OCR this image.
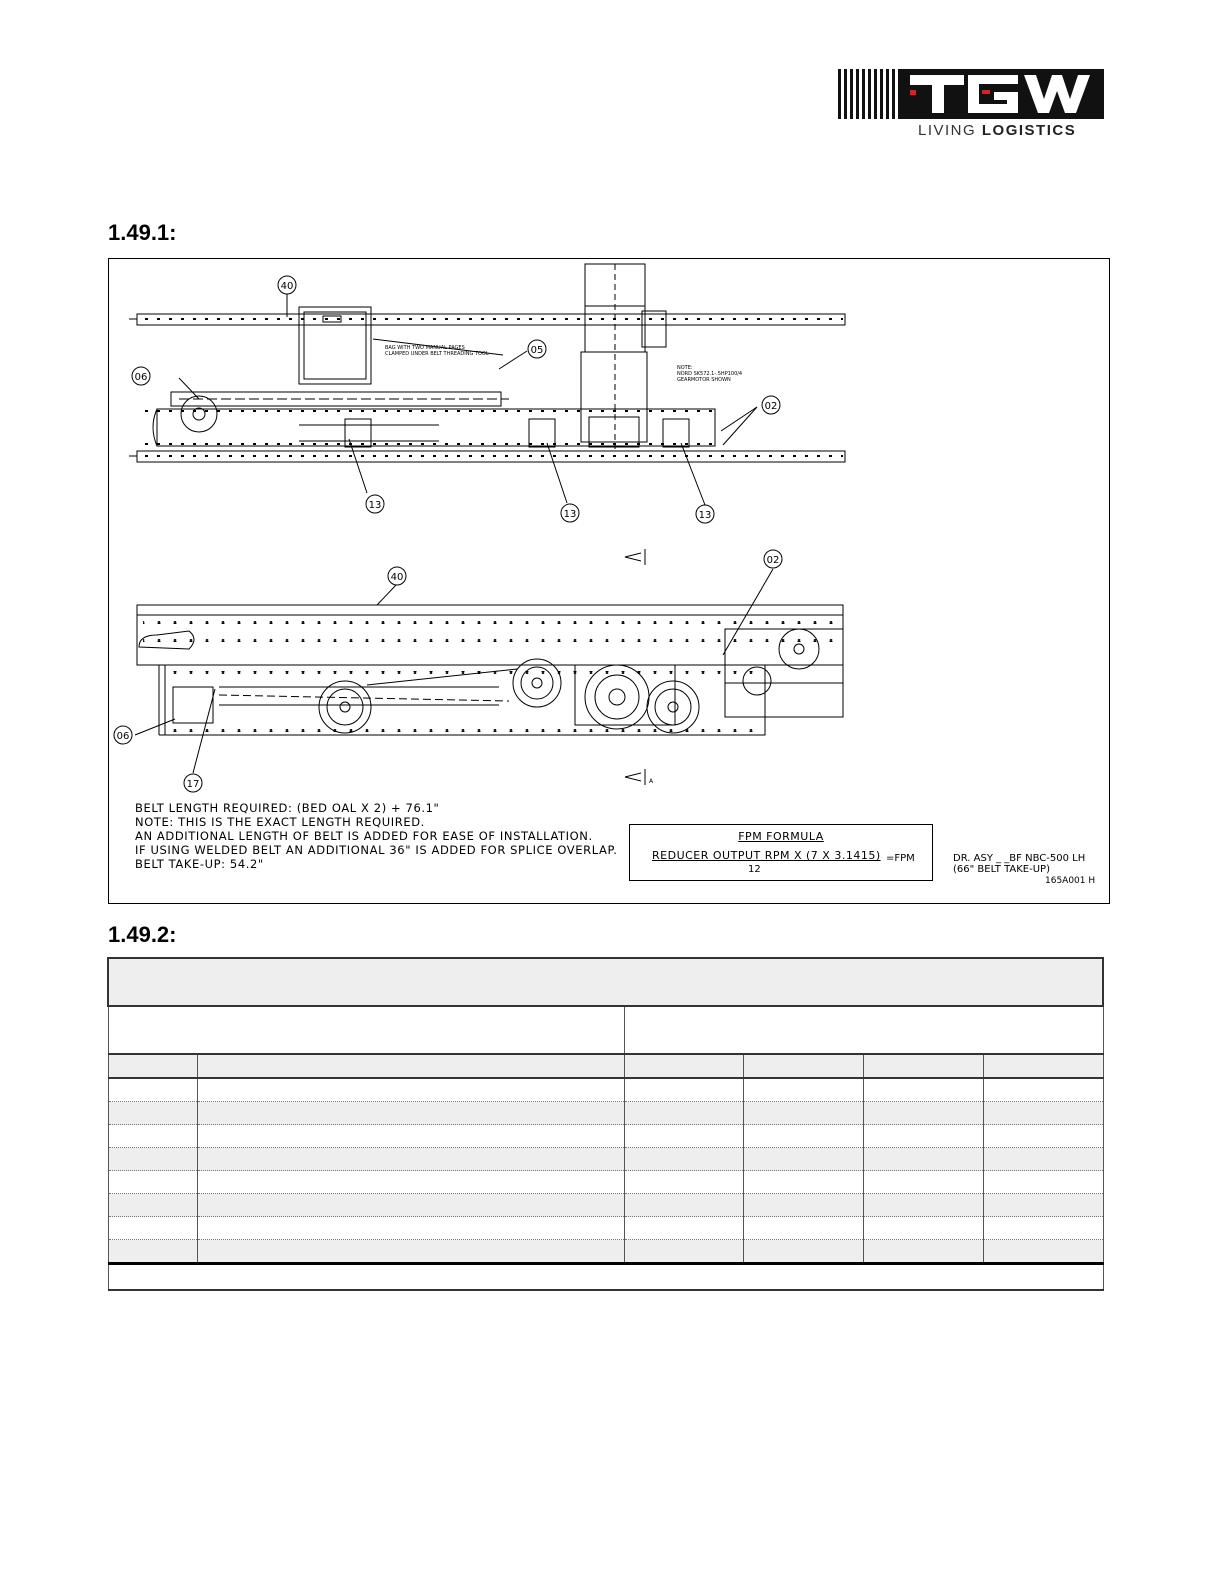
LIVING LOGISTICS
1.49.1:
40
05
06
02
13
13	13
02
40
06
17
BAG WITH TWO MANUAL PAGES
CLAMPED UNDER BELT THREADING TOOL
NOTE:
NORD SK572.1-.5HP100/4
GEARMOTOR SHOWN
A
BELT LENGTH REQUIRED: (BED OAL X 2) + 76.1"
NOTE: THIS IS THE EXACT LENGTH REQUIRED.
AN ADDITIONAL LENGTH OF BELT IS ADDED FOR EASE OF INSTALLATION.
IF USING WELDED BELT AN ADDITIONAL 36" IS ADDED FOR SPLICE OVERLAP.
BELT TAKE-UP: 54.2"
FPM FORMULA
REDUCER OUTPUT RPM X (7 X 3.1415) =FPM
12
DR. ASY _ _BF NBC-500 LH
(66" BELT TAKE-UP)
165A001 H
1.49.2:
